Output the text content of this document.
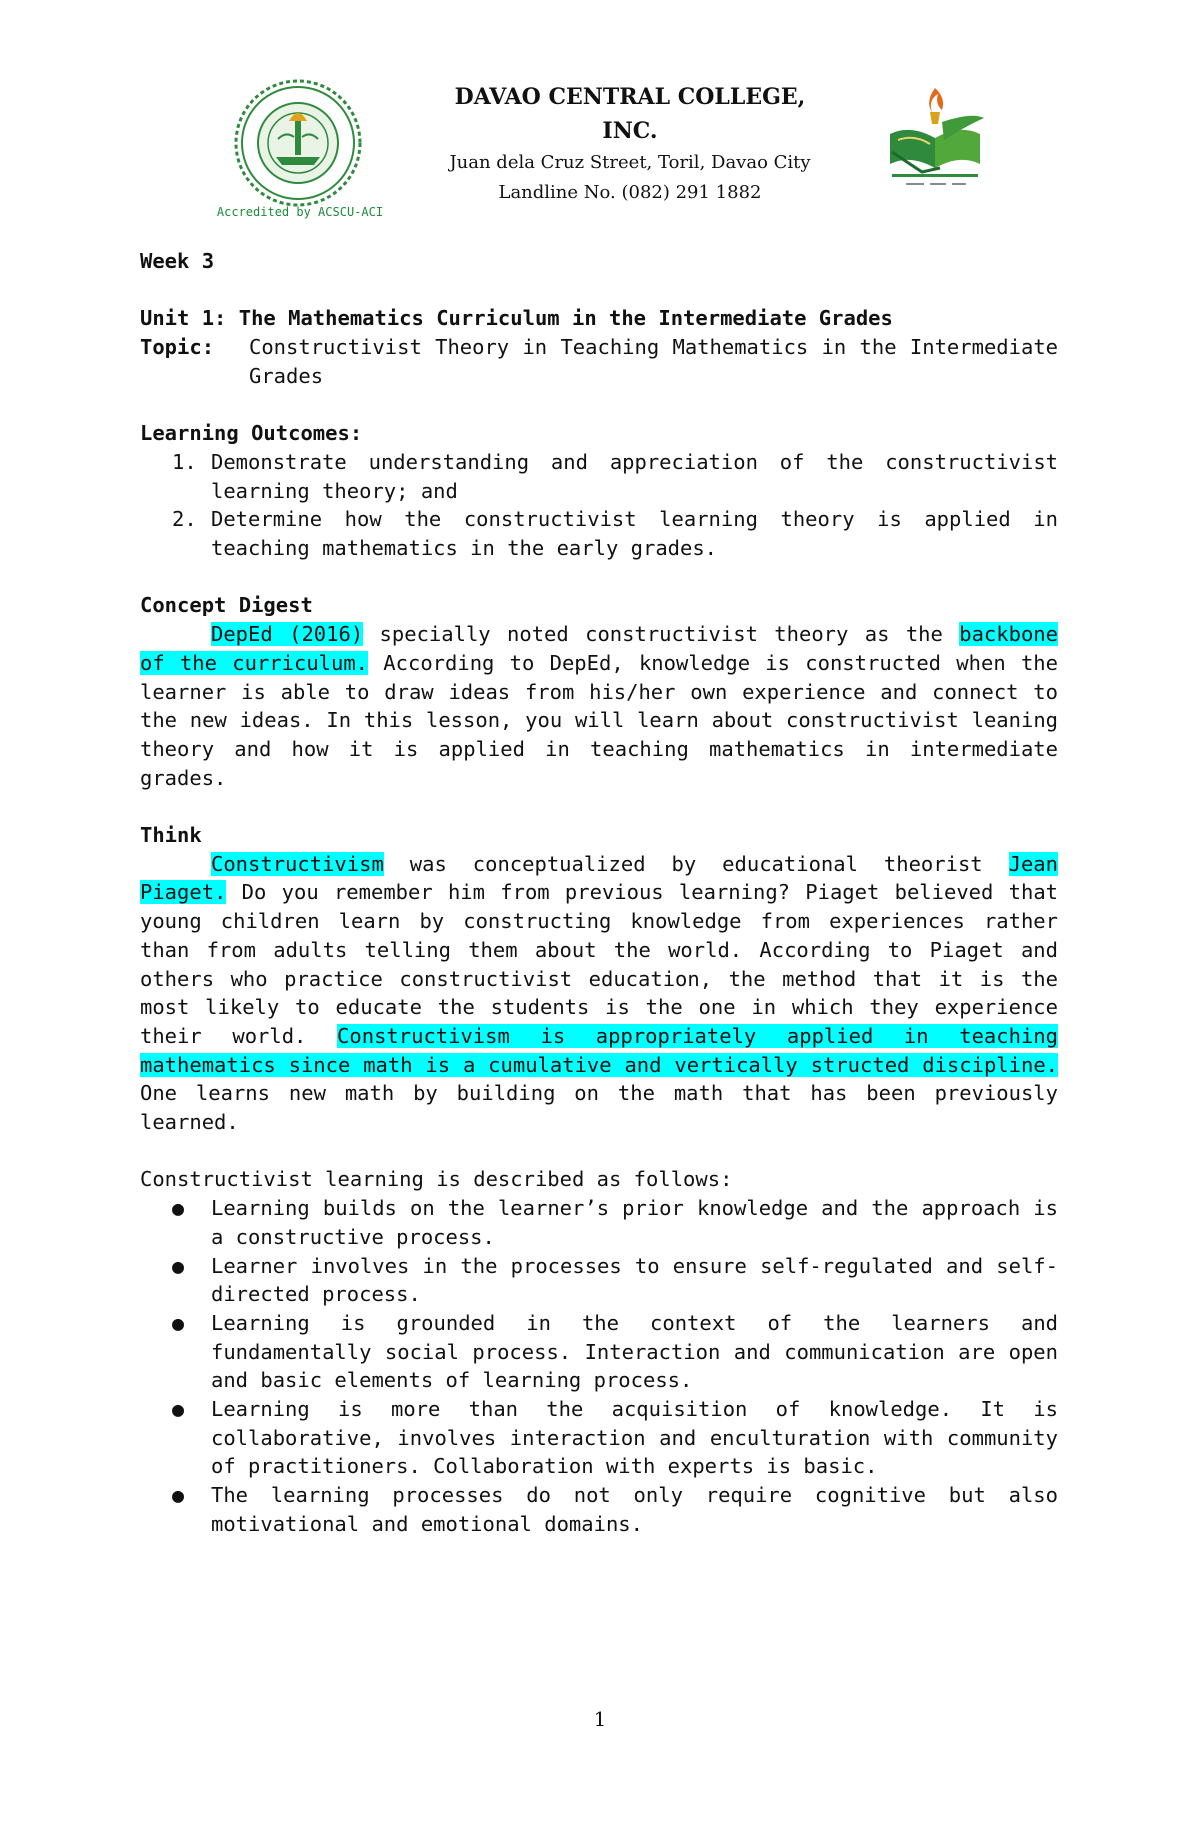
Accredited by ACSCU-ACI
DAVAO CENTRAL COLLEGE,
INC.
Juan dela Cruz Street, Toril, Davao City
Landline No. (082) 291 1882

Week 3

Unit 1: The Mathematics Curriculum in the Intermediate Grades

Topic:	Constructivist Theory in Teaching Mathematics in the Intermediate Grades

Learning Outcomes:

1. Demonstrate understanding and appreciation of the constructivist learning theory; and
2. Determine how the constructivist learning theory is applied in teaching mathematics in the early grades.

Concept Digest

DepEd (2016) specially noted constructivist theory as the backbone of the curriculum. According to DepEd, knowledge is constructed when the learner is able to draw ideas from his/her own experience and connect to the new ideas. In this lesson, you will learn about constructivist leaning theory and how it is applied in teaching mathematics in intermediate grades.

Think

Constructivism was conceptualized by educational theorist Jean Piaget. Do you remember him from previous learning? Piaget believed that young children learn by constructing knowledge from experiences rather than from adults telling them about the world. According to Piaget and others who practice constructivist education, the method that it is the most likely to educate the students is the one in which they experience their world. Constructivism is appropriately applied in teaching mathematics since math is a cumulative and vertically structed discipline. One learns new math by building on the math that has been previously learned.

Constructivist learning is described as follows:

●	Learning builds on the learner’s prior knowledge and the approach is a constructive process.
●	Learner involves in the processes to ensure self-regulated and self-directed process.
●	Learning is grounded in the context of the learners and fundamentally social process. Interaction and communication are open and basic elements of learning process.
●	Learning is more than the acquisition of knowledge. It is collaborative, involves interaction and enculturation with community of practitioners. Collaboration with experts is basic.
●	The learning processes do not only require cognitive but also motivational and emotional domains.
1
